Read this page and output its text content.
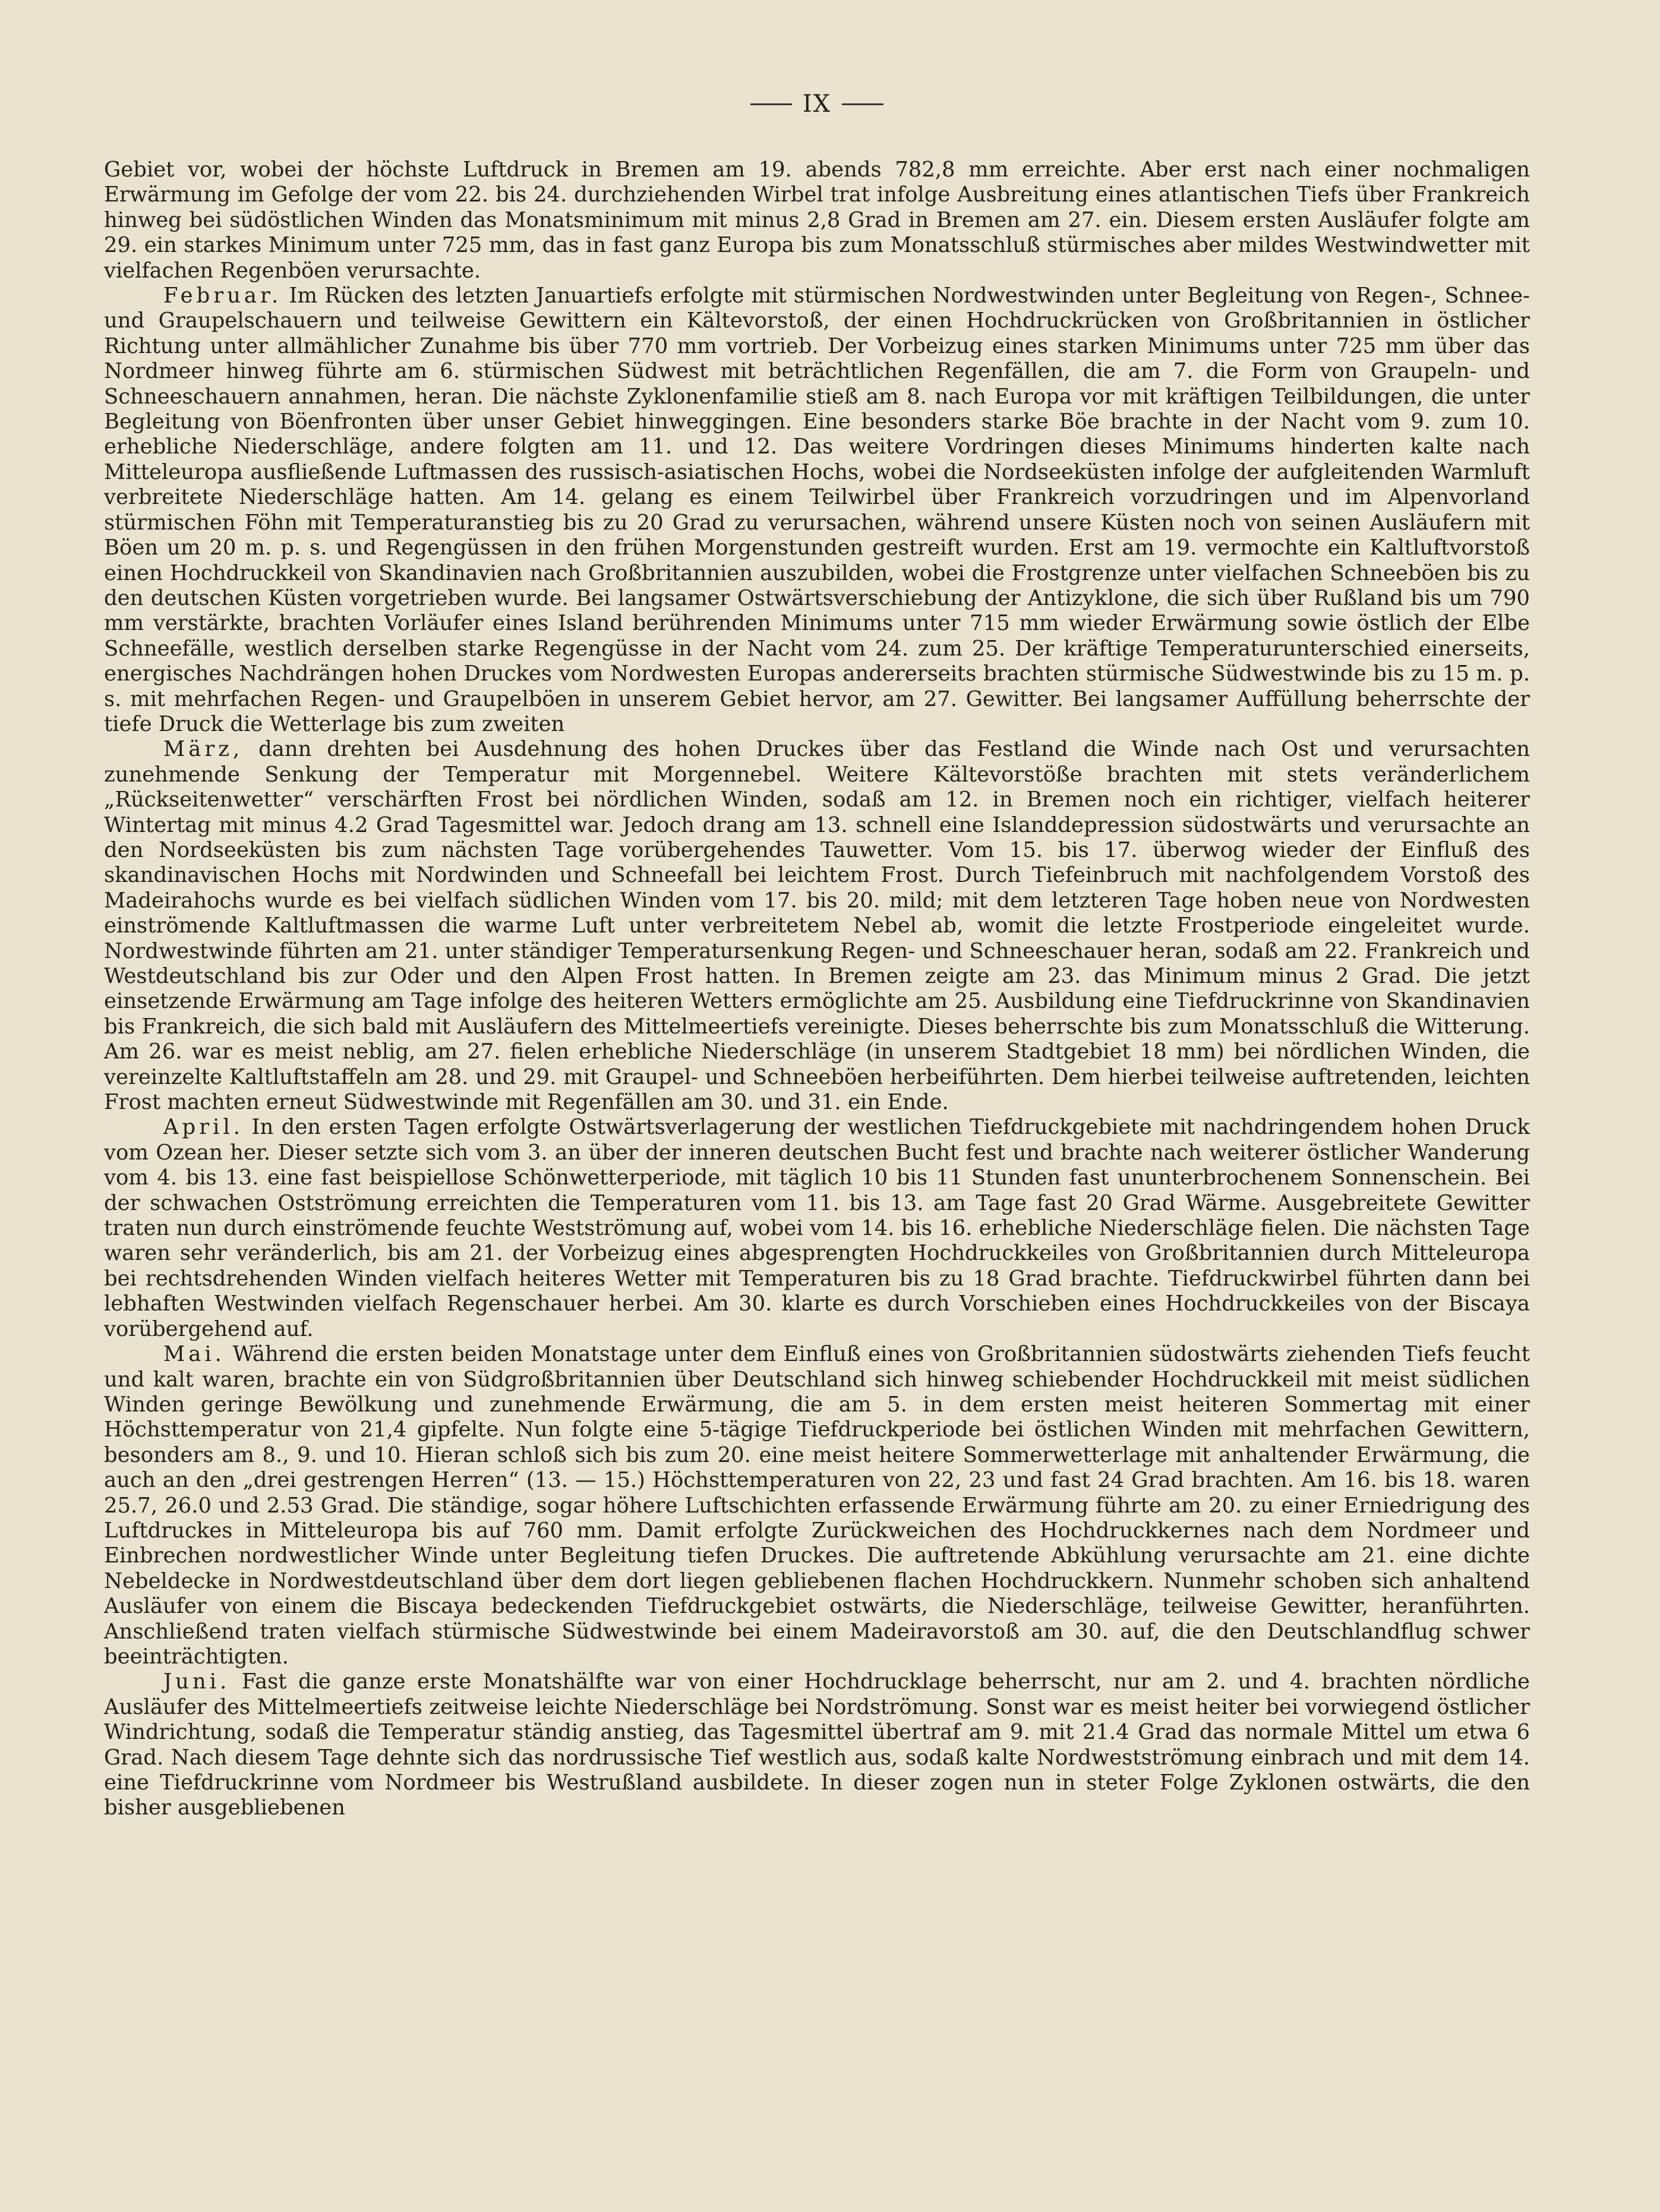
IX

Gebiet vor, wobei der höchste Luftdruck in Bremen am 19. abends 782,8 mm erreichte. Aber erst nach einer nochmaligen Erwärmung im Gefolge der vom 22. bis 24. durchziehenden Wirbel trat infolge Ausbreitung eines atlantischen Tiefs über Frankreich hinweg bei südöstlichen Winden das Monatsminimum mit minus 2,8 Grad in Bremen am 27. ein. Diesem ersten Ausläufer folgte am 29. ein starkes Minimum unter 725 mm, das in fast ganz Europa bis zum Monatsschluß stürmisches aber mildes Westwindwetter mit vielfachen Regenböen verursachte.

Februar. Im Rücken des letzten Januartiefs erfolgte mit stürmischen Nordwestwinden unter Begleitung von Regen-, Schnee- und Graupelschauern und teilweise Gewittern ein Kältevorstoß, der einen Hochdruckrücken von Großbritannien in östlicher Richtung unter allmählicher Zunahme bis über 770 mm vortrieb. Der Vorbeizug eines starken Minimums unter 725 mm über das Nordmeer hinweg führte am 6. stürmischen Südwest mit beträchtlichen Regenfällen, die am 7. die Form von Graupeln- und Schneeschauern annahmen, heran. Die nächste Zyklonenfamilie stieß am 8. nach Europa vor mit kräftigen Teilbildungen, die unter Begleitung von Böenfronten über unser Gebiet hinweggingen. Eine besonders starke Böe brachte in der Nacht vom 9. zum 10. erhebliche Niederschläge, andere folgten am 11. und 12. Das weitere Vordringen dieses Minimums hinderten kalte nach Mitteleuropa ausfließende Luftmassen des russisch-asiatischen Hochs, wobei die Nordseeküsten infolge der aufgleitenden Warmluft verbreitete Niederschläge hatten. Am 14. gelang es einem Teilwirbel über Frankreich vorzudringen und im Alpenvorland stürmischen Föhn mit Temperaturanstieg bis zu 20 Grad zu verursachen, während unsere Küsten noch von seinen Ausläufern mit Böen um 20 m. p. s. und Regengüssen in den frühen Morgenstunden gestreift wurden. Erst am 19. vermochte ein Kaltluftvorstoß einen Hochdruckkeil von Skandinavien nach Großbritannien auszubilden, wobei die Frostgrenze unter vielfachen Schneeböen bis zu den deutschen Küsten vorgetrieben wurde. Bei langsamer Ostwärtsverschiebung der Antizyklone, die sich über Rußland bis um 790 mm verstärkte, brachten Vorläufer eines Island berührenden Minimums unter 715 mm wieder Erwärmung sowie östlich der Elbe Schneefälle, westlich derselben starke Regengüsse in der Nacht vom 24. zum 25. Der kräftige Temperaturunterschied einerseits, energisches Nachdrängen hohen Druckes vom Nordwesten Europas andererseits brachten stürmische Südwestwinde bis zu 15 m. p. s. mit mehrfachen Regen- und Graupelböen in unserem Gebiet hervor, am 27. Gewitter. Bei langsamer Auffüllung beherrschte der tiefe Druck die Wetterlage bis zum zweiten

März, dann drehten bei Ausdehnung des hohen Druckes über das Festland die Winde nach Ost und verursachten zunehmende Senkung der Temperatur mit Morgennebel. Weitere Kältevorstöße brachten mit stets veränderlichem „Rückseitenwetter“ verschärften Frost bei nördlichen Winden, sodaß am 12. in Bremen noch ein richtiger, vielfach heiterer Wintertag mit minus 4.2 Grad Tagesmittel war. Jedoch drang am 13. schnell eine Islanddepression südostwärts und verursachte an den Nordseeküsten bis zum nächsten Tage vorübergehendes Tauwetter. Vom 15. bis 17. überwog wieder der Einfluß des skandinavischen Hochs mit Nordwinden und Schneefall bei leichtem Frost. Durch Tiefeinbruch mit nachfolgendem Vorstoß des Madeirahochs wurde es bei vielfach südlichen Winden vom 17. bis 20. mild; mit dem letzteren Tage hoben neue von Nordwesten einströmende Kaltluftmassen die warme Luft unter verbreitetem Nebel ab, womit die letzte Frostperiode eingeleitet wurde. Nordwestwinde führten am 21. unter ständiger Temperatursenkung Regen- und Schneeschauer heran, sodaß am 22. Frankreich und Westdeutschland bis zur Oder und den Alpen Frost hatten. In Bremen zeigte am 23. das Minimum minus 2 Grad. Die jetzt einsetzende Erwärmung am Tage infolge des heiteren Wetters ermöglichte am 25. Ausbildung eine Tiefdruckrinne von Skandinavien bis Frankreich, die sich bald mit Ausläufern des Mittelmeertiefs vereinigte. Dieses beherrschte bis zum Monatsschluß die Witterung. Am 26. war es meist neblig, am 27. fielen erhebliche Niederschläge (in unserem Stadtgebiet 18 mm) bei nördlichen Winden, die vereinzelte Kaltluftstaffeln am 28. und 29. mit Graupel- und Schneeböen herbeiführten. Dem hierbei teilweise auftretenden, leichten Frost machten erneut Südwestwinde mit Regenfällen am 30. und 31. ein Ende.

April. In den ersten Tagen erfolgte Ostwärtsverlagerung der westlichen Tiefdruckgebiete mit nachdringendem hohen Druck vom Ozean her. Dieser setzte sich vom 3. an über der inneren deutschen Bucht fest und brachte nach weiterer östlicher Wanderung vom 4. bis 13. eine fast beispiellose Schönwetterperiode, mit täglich 10 bis 11 Stunden fast ununterbrochenem Sonnenschein. Bei der schwachen Ostströmung erreichten die Temperaturen vom 11. bis 13. am Tage fast 20 Grad Wärme. Ausgebreitete Gewitter traten nun durch einströmende feuchte Westströmung auf, wobei vom 14. bis 16. erhebliche Niederschläge fielen. Die nächsten Tage waren sehr veränderlich, bis am 21. der Vorbeizug eines abgesprengten Hochdruckkeiles von Großbritannien durch Mitteleuropa bei rechtsdrehenden Winden vielfach heiteres Wetter mit Temperaturen bis zu 18 Grad brachte. Tiefdruckwirbel führten dann bei lebhaften Westwinden vielfach Regenschauer herbei. Am 30. klarte es durch Vorschieben eines Hochdruckkeiles von der Biscaya vorübergehend auf.

Mai. Während die ersten beiden Monatstage unter dem Einfluß eines von Großbritannien südostwärts ziehenden Tiefs feucht und kalt waren, brachte ein von Südgroßbritannien über Deutschland sich hinweg schiebender Hochdruckkeil mit meist südlichen Winden geringe Bewölkung und zunehmende Erwärmung, die am 5. in dem ersten meist heiteren Sommertag mit einer Höchsttemperatur von 21,4 gipfelte. Nun folgte eine 5-tägige Tiefdruckperiode bei östlichen Winden mit mehrfachen Gewittern, besonders am 8., 9. und 10. Hieran schloß sich bis zum 20. eine meist heitere Sommerwetterlage mit anhaltender Erwärmung, die auch an den „drei gestrengen Herren“ (13. — 15.) Höchsttemperaturen von 22, 23 und fast 24 Grad brachten. Am 16. bis 18. waren 25.7, 26.0 und 2.53 Grad. Die ständige, sogar höhere Luftschichten erfassende Erwärmung führte am 20. zu einer Erniedrigung des Luftdruckes in Mitteleuropa bis auf 760 mm. Damit erfolgte Zurückweichen des Hochdruckkernes nach dem Nordmeer und Einbrechen nordwestlicher Winde unter Begleitung tiefen Druckes. Die auftretende Abkühlung verursachte am 21. eine dichte Nebeldecke in Nordwestdeutschland über dem dort liegen gebliebenen flachen Hochdruckkern. Nunmehr schoben sich anhaltend Ausläufer von einem die Biscaya bedeckenden Tiefdruckgebiet ostwärts, die Niederschläge, teilweise Gewitter, heranführten. Anschließend traten vielfach stürmische Südwestwinde bei einem Madeiravorstoß am 30. auf, die den Deutschlandflug schwer beeinträchtigten.

Juni. Fast die ganze erste Monatshälfte war von einer Hochdrucklage beherrscht, nur am 2. und 4. brachten nördliche Ausläufer des Mittelmeertiefs zeitweise leichte Niederschläge bei Nordströmung. Sonst war es meist heiter bei vorwiegend östlicher Windrichtung, sodaß die Temperatur ständig anstieg, das Tagesmittel übertraf am 9. mit 21.4 Grad das normale Mittel um etwa 6 Grad. Nach diesem Tage dehnte sich das nordrussische Tief westlich aus, sodaß kalte Nordwestströmung einbrach und mit dem 14. eine Tiefdruckrinne vom Nordmeer bis Westrußland ausbildete. In dieser zogen nun in steter Folge Zyklonen ostwärts, die den bisher ausgebliebenen
